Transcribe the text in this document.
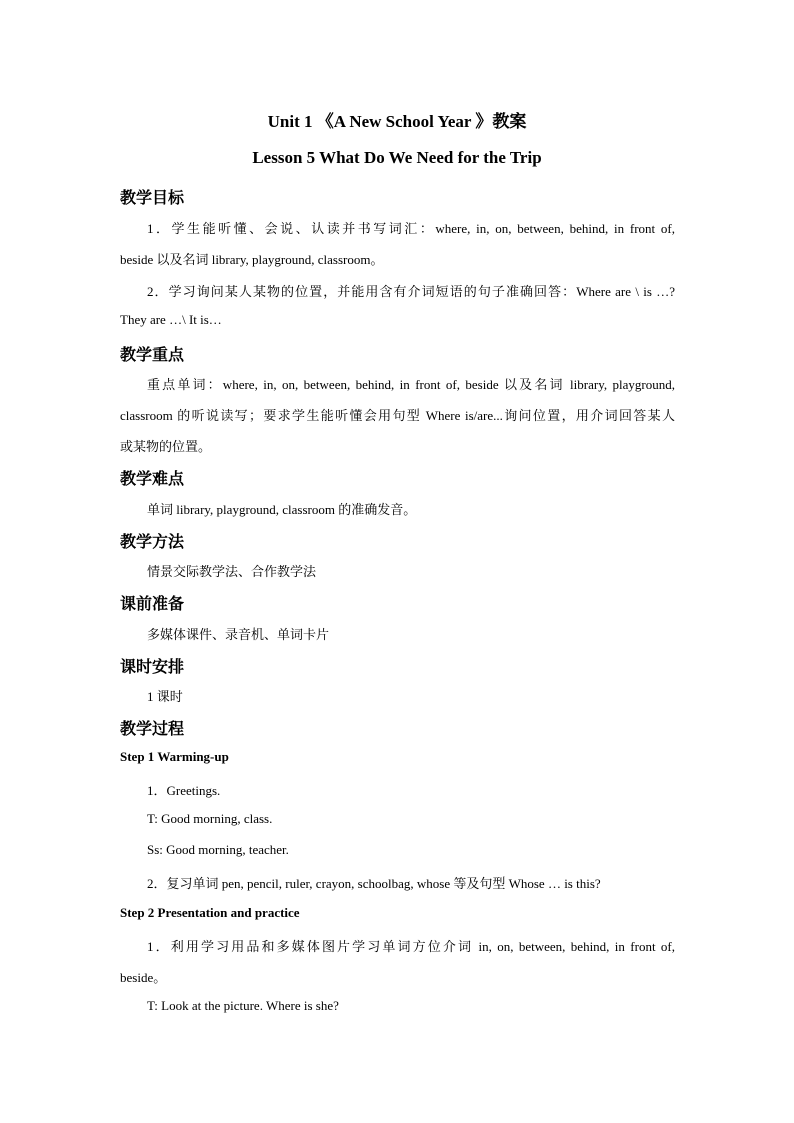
Unit 1 《A New School Year 》教案
Lesson 5 What Do We Need for the Trip
教学目标
1．学生能听懂、会说、认读并书写词汇：where, in, on, between, behind, in front of,
beside 以及名词 library, playground, classroom。
2．学习询问某人某物的位置，并能用含有介词短语的句子准确回答：Where are \ is …?
They are …\ It is…
教学重点
重点单词：where, in, on, between, behind, in front of, beside 以及名词 library, playground,
classroom 的听说读写；要求学生能听懂会用句型 Where is/are...询问位置，用介词回答某人
或某物的位置。
教学难点
单词 library, playground, classroom 的准确发音。
教学方法
情景交际教学法、合作教学法
课前准备
多媒体课件、录音机、单词卡片
课时安排
1 课时
教学过程
Step 1 Warming-up
1．Greetings.
T: Good morning, class.
Ss: Good morning, teacher.
2．复习单词 pen, pencil, ruler, crayon, schoolbag, whose 等及句型 Whose … is this?
Step 2 Presentation and practice
1．利用学习用品和多媒体图片学习单词方位介词 in, on, between, behind, in front of,
beside。
T: Look at the picture. Where is she?
